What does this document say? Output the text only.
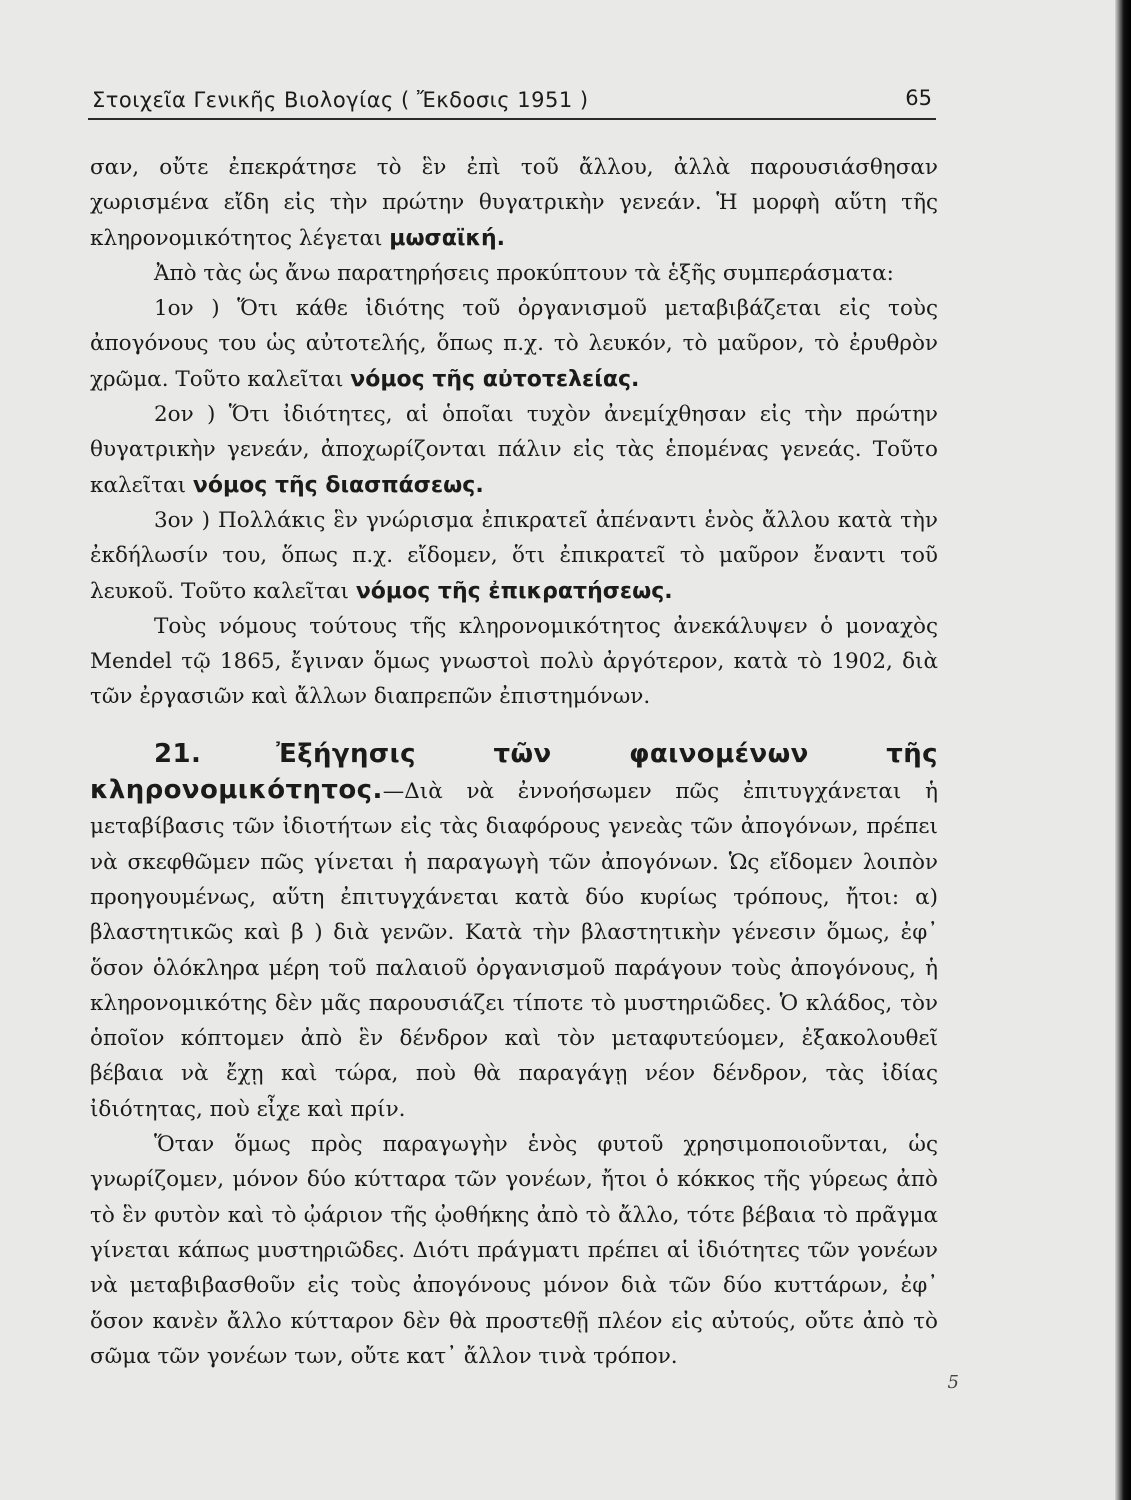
Στοιχεῖα Γενικῆς Βιολογίας ( Ἔκδοσις 1951 )	65

σαν, οὔτε ἐπεκράτησε τὸ ἓν ἐπὶ τοῦ ἄλλου, ἀλλὰ παρουσιάσθησαν χωρισμένα εἴδη εἰς τὴν πρώτην θυγατρικὴν γενεάν. Ἡ μορφὴ αὕτη τῆς κληρονομικότητος λέγεται μωσαϊκή.

Ἀπὸ τὰς ὡς ἄνω παρατηρήσεις προκύπτουν τὰ ἑξῆς συμπεράσματα:

1ον ) Ὅτι κάθε ἰδιότης τοῦ ὀργανισμοῦ μεταβιβάζεται εἰς τοὺς ἀπογόνους του ὡς αὐτοτελής, ὅπως π.χ. τὸ λευκόν, τὸ μαῦρον, τὸ ἐρυθρὸν χρῶμα. Τοῦτο καλεῖται νόμος τῆς αὐτοτελείας.

2ον ) Ὅτι ἰδιότητες, αἱ ὁποῖαι τυχὸν ἀνεμίχθησαν εἰς τὴν πρώτην θυγατρικὴν γενεάν, ἀποχωρίζονται πάλιν εἰς τὰς ἑπομένας γενεάς. Τοῦτο καλεῖται νόμος τῆς διασπάσεως.

3ον ) Πολλάκις ἓν γνώρισμα ἐπικρατεῖ ἀπέναντι ἑνὸς ἄλλου κατὰ τὴν ἐκδήλωσίν του, ὅπως π.χ. εἴδομεν, ὅτι ἐπικρατεῖ τὸ μαῦρον ἔναντι τοῦ λευκοῦ. Τοῦτο καλεῖται νόμος τῆς ἐπικρατήσεως.

Τοὺς νόμους τούτους τῆς κληρονομικότητος ἀνεκάλυψεν ὁ μοναχὸς Mendel τῷ 1865, ἔγιναν ὅμως γνωστοὶ πολὺ ἀργότερον, κατὰ τὸ 1902, διὰ τῶν ἐργασιῶν καὶ ἄλλων διαπρεπῶν ἐπιστημόνων.

21.	Ἐξήγησις τῶν φαινομένων τῆς κληρονομικότητος.—Διὰ νὰ ἐννοήσωμεν πῶς ἐπιτυγχάνεται ἡ μεταβίβασις τῶν ἰδιοτήτων εἰς τὰς διαφόρους γενεὰς τῶν ἀπογόνων, πρέπει νὰ σκεφθῶμεν πῶς γίνεται ἡ παραγωγὴ τῶν ἀπογόνων. Ὡς εἴδομεν λοιπὸν προηγουμένως, αὕτη ἐπιτυγχάνεται κατὰ δύο κυρίως τρόπους, ἤτοι: α) βλαστητικῶς καὶ β ) διὰ γενῶν. Κατὰ τὴν βλαστητικὴν γένεσιν ὅμως, ἐφ᾽ ὅσον ὁλόκληρα μέρη τοῦ παλαιοῦ ὀργανισμοῦ παράγουν τοὺς ἀπογόνους, ἡ κληρονομικότης δὲν μᾶς παρουσιάζει τίποτε τὸ μυστηριῶδες. Ὁ κλάδος, τὸν ὁποῖον κόπτομεν ἀπὸ ἓν δένδρον καὶ τὸν μεταφυτεύομεν, ἐξακολουθεῖ βέβαια νὰ ἔχῃ καὶ τώρα, ποὺ θὰ παραγάγῃ νέον δένδρον, τὰς ἰδίας ἰδιότητας, ποὺ εἶχε καὶ πρίν.

Ὅταν ὅμως πρὸς παραγωγὴν ἑνὸς φυτοῦ χρησιμοποιοῦνται, ὡς γνωρίζομεν, μόνον δύο κύτταρα τῶν γονέων, ἤτοι ὁ κόκκος τῆς γύρεως ἀπὸ τὸ ἓν φυτὸν καὶ τὸ ᾠάριον τῆς ᾠοθήκης ἀπὸ τὸ ἄλλο, τότε βέβαια τὸ πρᾶγμα γίνεται κάπως μυστηριῶδες. Διότι πράγματι πρέπει αἱ ἰδιότητες τῶν γονέων νὰ μεταβιβασθοῦν εἰς τοὺς ἀπογόνους μόνον διὰ τῶν δύο κυττάρων, ἐφ᾽ ὅσον κανὲν ἄλλο κύτταρον δὲν θὰ προστεθῇ πλέον εἰς αὐτούς, οὔτε ἀπὸ τὸ σῶμα τῶν γονέων των, οὔτε κατ᾽ ἄλλον τινὰ τρόπον.

5
